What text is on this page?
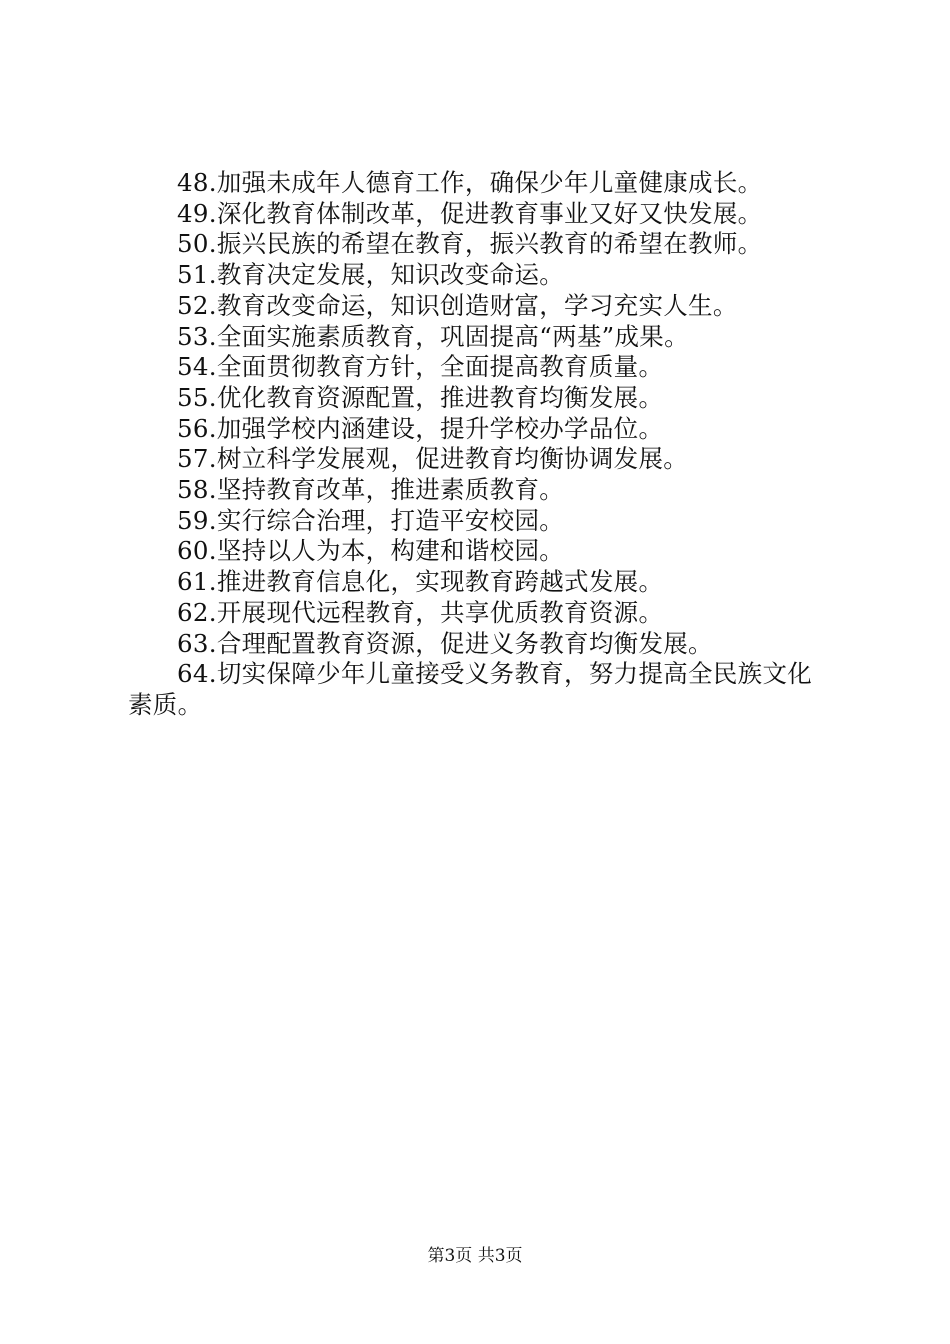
48.加强未成年人德育工作，确保少年儿童健康成长。

49.深化教育体制改革，促进教育事业又好又快发展。

50.振兴民族的希望在教育，振兴教育的希望在教师。

51.教育决定发展，知识改变命运。

52.教育改变命运，知识创造财富，学习充实人生。

53.全面实施素质教育，巩固提高“两基”成果。

54.全面贯彻教育方针，全面提高教育质量。

55.优化教育资源配置，推进教育均衡发展。

56.加强学校内涵建设，提升学校办学品位。

57.树立科学发展观，促进教育均衡协调发展。

58.坚持教育改革，推进素质教育。

59.实行综合治理，打造平安校园。

60.坚持以人为本，构建和谐校园。

61.推进教育信息化，实现教育跨越式发展。

62.开展现代远程教育，共享优质教育资源。

63.合理配置教育资源，促进义务教育均衡发展。

64.切实保障少年儿童接受义务教育，努力提高全民族文化素质。

第3页 共3页
